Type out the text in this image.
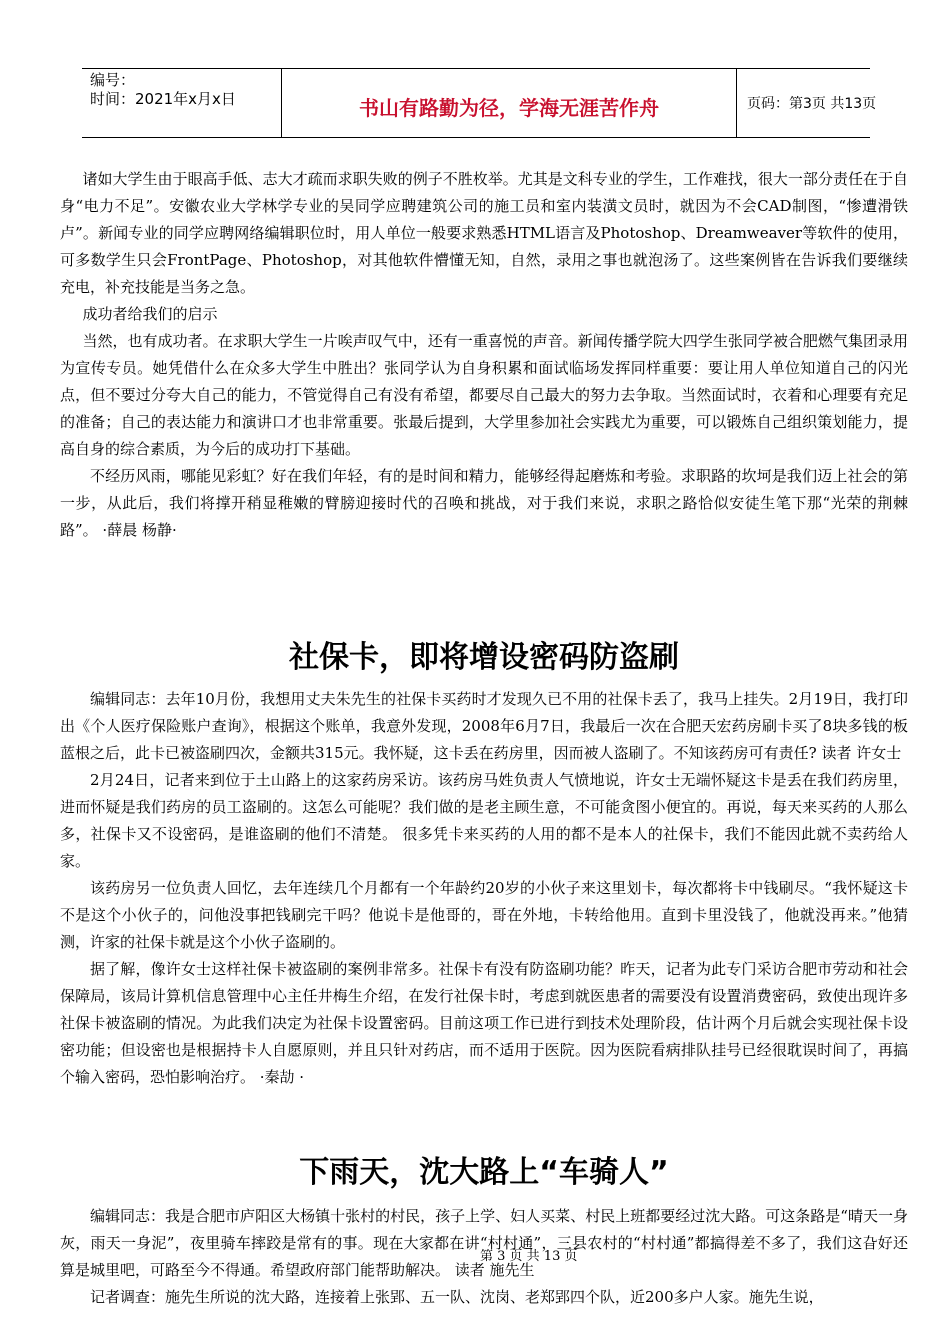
编号：
时间：2021年x月x日	书山有路勤为径，学海无涯苦作舟	页码：第3页 共13页

诸如大学生由于眼高手低、志大才疏而求职失败的例子不胜枚举。尤其是文科专业的学生，工作难找，很大一部分责任在于自身“电力不足”。安徽农业大学林学专业的吴同学应聘建筑公司的施工员和室内装潢文员时，就因为不会CAD制图，“惨遭滑铁卢”。新闻专业的同学应聘网络编辑职位时，用人单位一般要求熟悉HTML语言及Photoshop、Dreamweaver等软件的使用，可多数学生只会FrontPage、Photoshop，对其他软件懵懂无知，自然，录用之事也就泡汤了。这些案例皆在告诉我们要继续充电，补充技能是当务之急。

成功者给我们的启示

当然，也有成功者。在求职大学生一片唉声叹气中，还有一重喜悦的声音。新闻传播学院大四学生张同学被合肥燃气集团录用为宣传专员。她凭借什么在众多大学生中胜出？张同学认为自身积累和面试临场发挥同样重要：要让用人单位知道自己的闪光点，但不要过分夸大自己的能力，不管觉得自己有没有希望，都要尽自己最大的努力去争取。当然面试时，衣着和心理要有充足的准备；自己的表达能力和演讲口才也非常重要。张最后提到，大学里参加社会实践尤为重要，可以锻炼自己组织策划能力，提高自身的综合素质，为今后的成功打下基础。

不经历风雨，哪能见彩虹？好在我们年轻，有的是时间和精力，能够经得起磨炼和考验。求职路的坎坷是我们迈上社会的第一步，从此后，我们将撑开稍显稚嫩的臂膀迎接时代的召唤和挑战，对于我们来说，求职之路恰似安徒生笔下那“光荣的荆棘路”。 ·薛晨 杨静·

社保卡，即将增设密码防盗刷

编辑同志：去年10月份，我想用丈夫朱先生的社保卡买药时才发现久已不用的社保卡丢了，我马上挂失。2月19日，我打印出《个人医疗保险账户查询》，根据这个账单，我意外发现，2008年6月7日，我最后一次在合肥天宏药房刷卡买了8块多钱的板蓝根之后，此卡已被盗刷四次，金额共315元。我怀疑，这卡丢在药房里，因而被人盗刷了。不知该药房可有责任? 读者 许女士

2月24日，记者来到位于土山路上的这家药房采访。该药房马姓负责人气愤地说，许女士无端怀疑这卡是丢在我们药房里，进而怀疑是我们药房的员工盗刷的。这怎么可能呢？我们做的是老主顾生意，不可能贪图小便宜的。再说，每天来买药的人那么多，社保卡又不设密码，是谁盗刷的他们不清楚。 很多凭卡来买药的人用的都不是本人的社保卡，我们不能因此就不卖药给人家。

该药房另一位负责人回忆，去年连续几个月都有一个年龄约20岁的小伙子来这里划卡，每次都将卡中钱刷尽。“我怀疑这卡不是这个小伙子的，问他没事把钱刷完干吗？他说卡是他哥的，哥在外地，卡转给他用。直到卡里没钱了，他就没再来。”他猜测，许家的社保卡就是这个小伙子盗刷的。

据了解，像许女士这样社保卡被盗刷的案例非常多。社保卡有没有防盗刷功能？昨天，记者为此专门采访合肥市劳动和社会保障局，该局计算机信息管理中心主任井梅生介绍，在发行社保卡时，考虑到就医患者的需要没有设置消费密码，致使出现许多社保卡被盗刷的情况。为此我们决定为社保卡设置密码。目前这项工作已进行到技术处理阶段，估计两个月后就会实现社保卡设密功能；但设密也是根据持卡人自愿原则，并且只针对药店，而不适用于医院。因为医院看病排队挂号已经很耽误时间了，再搞个输入密码，恐怕影响治疗。 ·秦劼 ·

下雨天，沈大路上“车骑人”

编辑同志：我是合肥市庐阳区大杨镇十张村的村民，孩子上学、妇人买菜、村民上班都要经过沈大路。可这条路是“晴天一身灰，雨天一身泥”，夜里骑车摔跤是常有的事。现在大家都在讲“村村通”，三县农村的“村村通”都搞得差不多了，我们这旮好还算是城里吧，可路至今不得通。希望政府部门能帮助解决。 读者 施先生

记者调查：施先生所说的沈大路，连接着上张郢、五一队、沈岗、老郑郢四个队，近200多户人家。施先生说，

第 3 页 共 13 页
